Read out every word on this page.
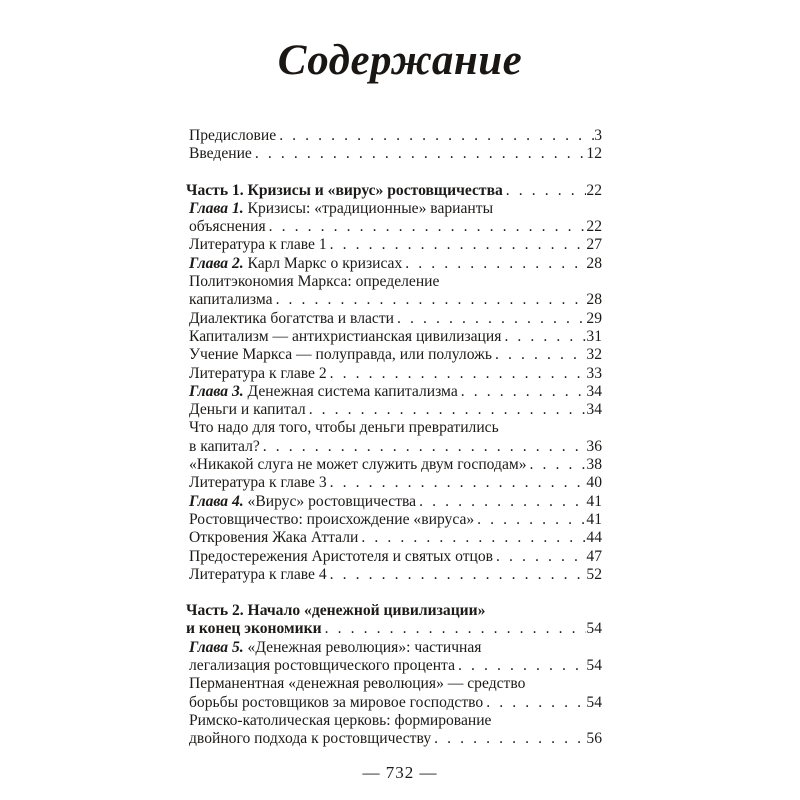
Содержание
Предисловие . . .	3
Введение . . .	12
Часть 1. Кризисы и «вирус» ростовщичества . . .	22
Глава 1. Кризисы: «традиционные» варианты
объяснения . . .	22
Литература к главе 1 . . .	27
Глава 2. Карл Маркс о кризисах . . .	28
Политэкономия Маркса: определение
капитализма . . .	28
Диалектика богатства и власти . . .	29
Капитализм — антихристианская цивилизация . . .	31
Учение Маркса — полуправда, или полуложь . . .	32
Литература к главе 2 . . .	33
Глава 3. Денежная система капитализма . . .	34
Деньги и капитал . . .	34
Что надо для того, чтобы деньги превратились
в капитал? . . .	36
«Никакой слуга не может служить двум господам» . . .	38
Литература к главе 3 . . .	40
Глава 4. «Вирус» ростовщичества . . .	41
Ростовщичество: происхождение «вируса» . . .	41
Откровения Жака Аттали . . .	44
Предостережения Аристотеля и святых отцов . . .	47
Литература к главе 4 . . .	52
Часть 2. Начало «денежной цивилизации»
и конец экономики . . .	54
Глава 5. «Денежная революция»: частичная
легализация ростовщического процента . . .	54
Перманентная «денежная революция» — средство
борьбы ростовщиков за мировое господство . . .	54
Римско-католическая церковь: формирование
двойного подхода к ростовщичеству . . .	56
— 732 —
